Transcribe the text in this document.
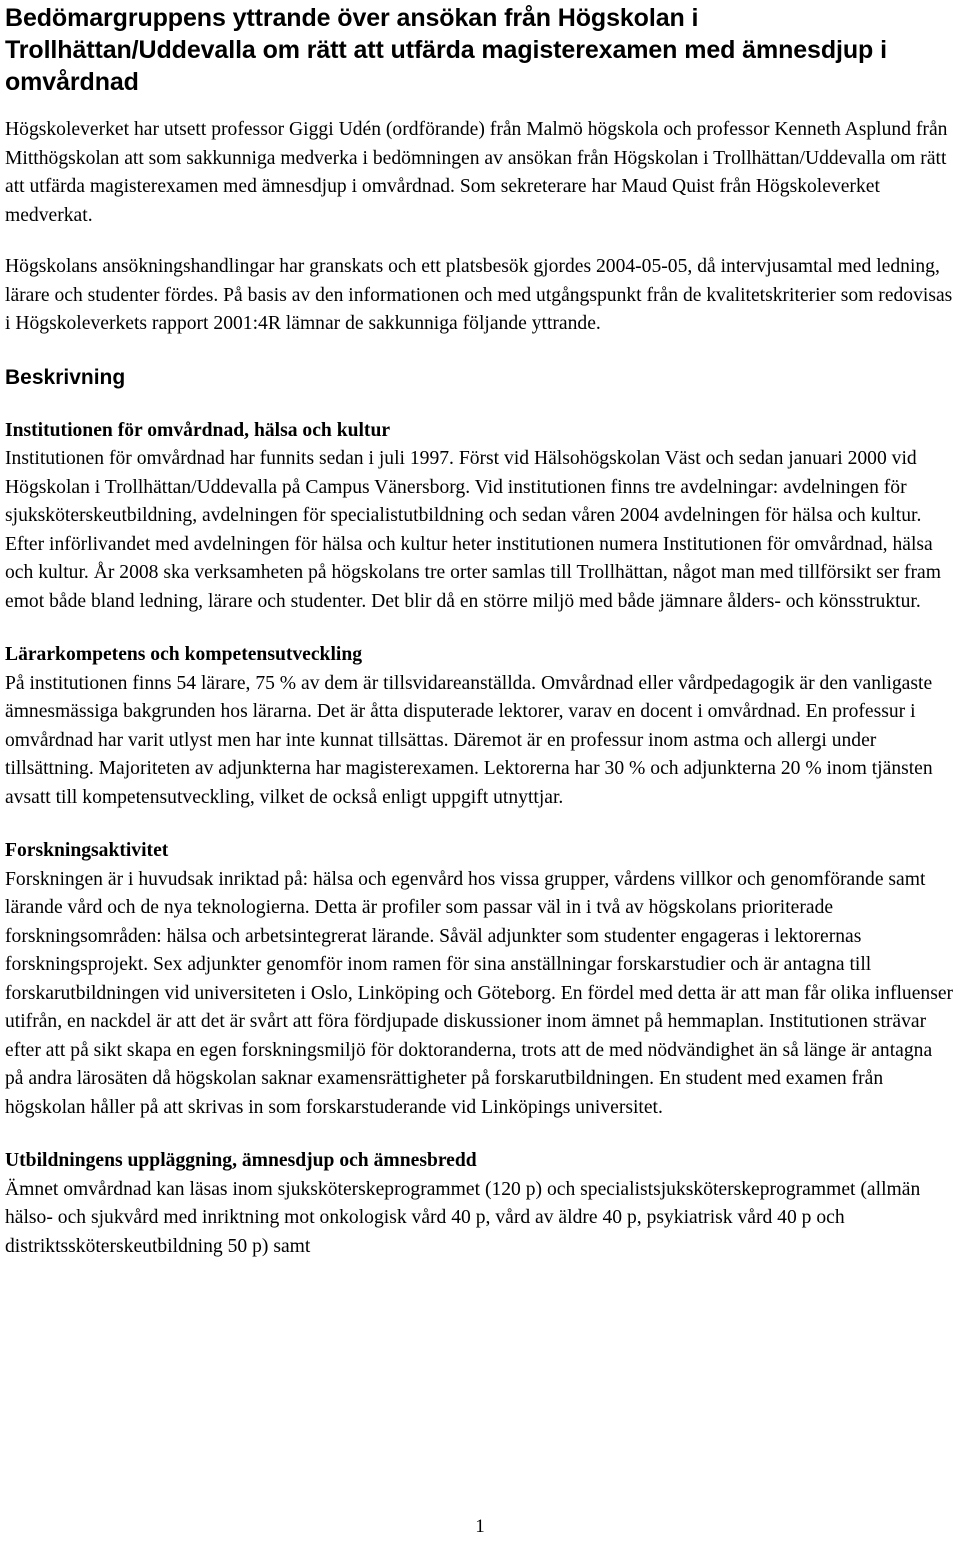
Bedömargruppens yttrande över ansökan från Högskolan i Trollhättan/Uddevalla om rätt att utfärda magisterexamen med ämnesdjup i omvårdnad

Högskoleverket har utsett professor Giggi Udén (ordförande) från Malmö högskola och professor Kenneth Asplund från Mitthögskolan att som sakkunniga medverka i bedömningen av ansökan från Högskolan i Trollhättan/Uddevalla om rätt att utfärda magisterexamen med ämnesdjup i omvårdnad. Som sekreterare har Maud Quist från Högskoleverket medverkat.

Högskolans ansökningshandlingar har granskats och ett platsbesök gjordes 2004-05-05, då intervjusamtal med ledning, lärare och studenter fördes. På basis av den informationen och med utgångspunkt från de kvalitetskriterier som redovisas i Högskoleverkets rapport 2001:4R lämnar de sakkunniga följande yttrande.

Beskrivning
Institutionen för omvårdnad, hälsa och kultur

Institutionen för omvårdnad har funnits sedan i juli 1997. Först vid Hälsohögskolan Väst och sedan januari 2000 vid Högskolan i Trollhättan/Uddevalla på Campus Vänersborg. Vid institutionen finns tre avdelningar: avdelningen för sjuksköterskeutbildning, avdelningen för specialistutbildning och sedan våren 2004 avdelningen för hälsa och kultur. Efter införlivandet med avdelningen för hälsa och kultur heter institutionen numera Institutionen för omvårdnad, hälsa och kultur. År 2008 ska verksamheten på högskolans tre orter samlas till Trollhättan, något man med tillförsikt ser fram emot både bland ledning, lärare och studenter. Det blir då en större miljö med både jämnare ålders- och könsstruktur.

Lärarkompetens och kompetensutveckling

På institutionen finns 54 lärare, 75 % av dem är tillsvidareanställda. Omvårdnad eller vårdpedagogik är den vanligaste ämnesmässiga bakgrunden hos lärarna. Det är åtta disputerade lektorer, varav en docent i omvårdnad. En professur i omvårdnad har varit utlyst men har inte kunnat tillsättas. Däremot är en professur inom astma och allergi under tillsättning. Majoriteten av adjunkterna har magisterexamen. Lektorerna har 30 % och adjunkterna 20 % inom tjänsten avsatt till kompetensutveckling, vilket de också enligt uppgift utnyttjar.

Forskningsaktivitet

Forskningen är i huvudsak inriktad på: hälsa och egenvård hos vissa grupper, vårdens villkor och genomförande samt lärande vård och de nya teknologierna. Detta är profiler som passar väl in i två av högskolans prioriterade forskningsområden: hälsa och arbetsintegrerat lärande. Såväl adjunkter som studenter engageras i lektorernas forskningsprojekt. Sex adjunkter genomför inom ramen för sina anställningar forskarstudier och är antagna till forskarutbildningen vid universiteten i Oslo, Linköping och Göteborg. En fördel med detta är att man får olika influenser utifrån, en nackdel är att det är svårt att föra fördjupade diskussioner inom ämnet på hemmaplan. Institutionen strävar efter att på sikt skapa en egen forskningsmiljö för doktoranderna, trots att de med nödvändighet än så länge är antagna på andra lärosäten då högskolan saknar examensrättigheter på forskarutbildningen. En student med examen från högskolan håller på att skrivas in som forskarstuderande vid Linköpings universitet.

Utbildningens uppläggning, ämnesdjup och ämnesbredd

Ämnet omvårdnad kan läsas inom sjuksköterskeprogrammet (120 p) och specialistsjuksköterskeprogrammet (allmän hälso- och sjukvård med inriktning mot onkologisk vård 40 p, vård av äldre 40 p, psykiatrisk vård 40 p och distriktssköterskeutbildning 50 p) samt

1
